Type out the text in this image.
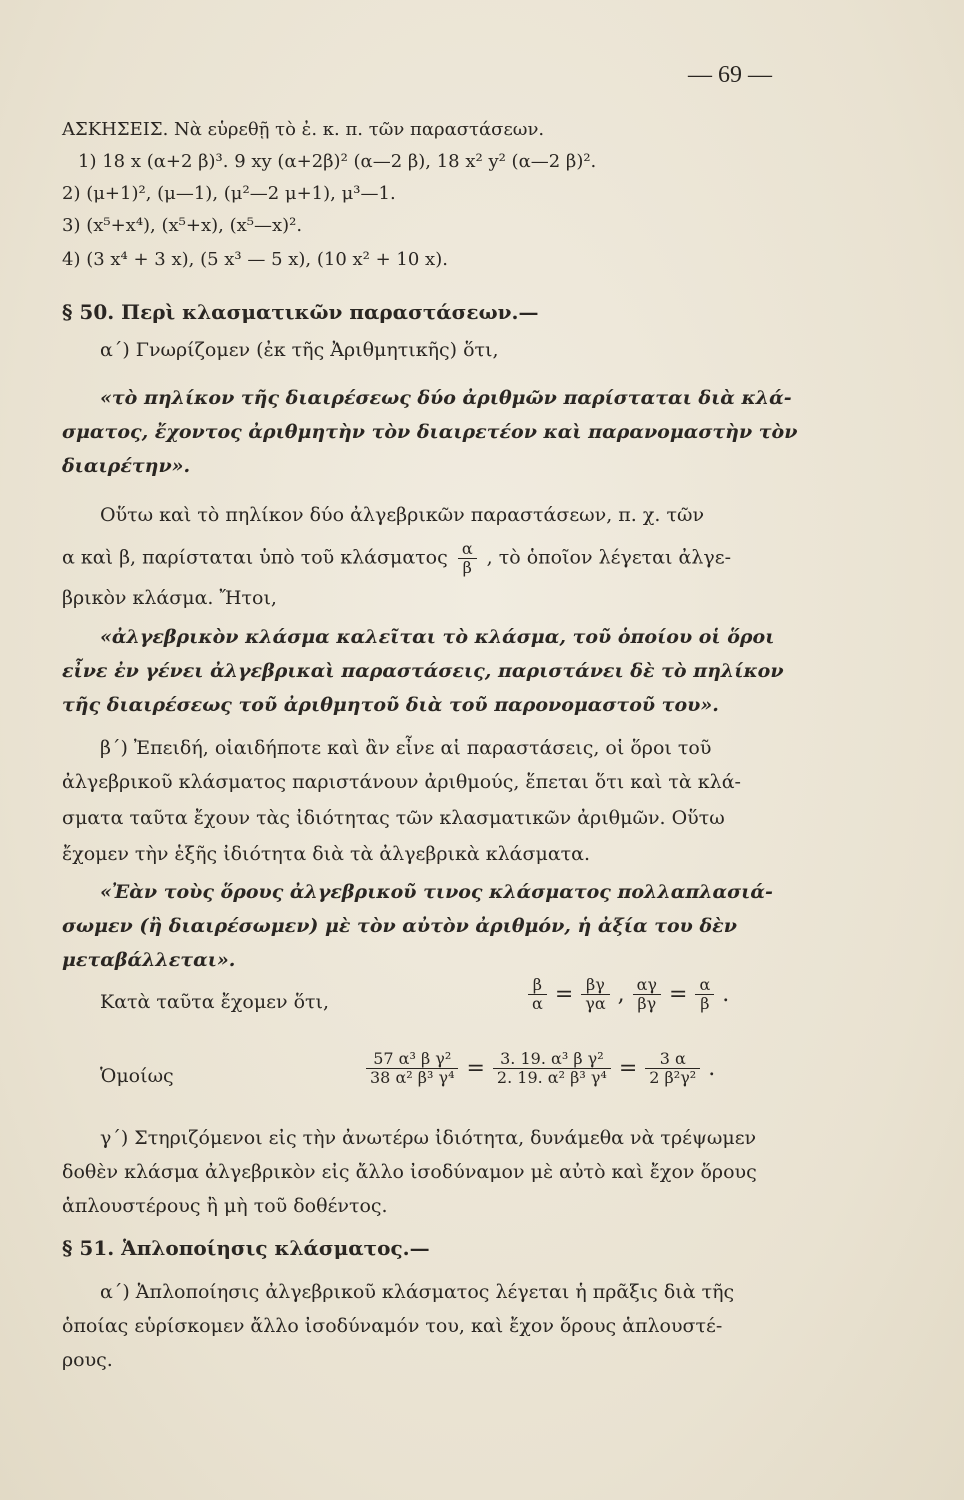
— 69 —
ΑΣΚΗΣΕΙΣ. Νὰ εὑρεθῇ τὸ ἐ. κ. π. τῶν παραστάσεων.
1) 18 x (α+2 β)³. 9 xy (α+2β)² (α—2 β), 18 x² y² (α—2 β)².
2) (μ+1)², (μ—1), (μ²—2 μ+1), μ³—1.
3) (x⁵+x⁴), (x⁵+x), (x⁵—x)².
4) (3 x⁴ + 3 x), (5 x³ — 5 x), (10 x² + 10 x).
§ 50. Περὶ κλασματικῶν παραστάσεων.—
α΄) Γνωρίζομεν (ἐκ τῆς Ἀριθμητικῆς) ὅτι,
«τὸ πηλίκον τῆς διαιρέσεως δύο ἀριθμῶν παρίσταται διὰ κλά-
σματος, ἔχοντος ἀριθμητὴν τὸν διαιρετέον καὶ παρανομαστὴν τὸν
διαιρέτην».
Οὕτω καὶ τὸ πηλίκον δύο ἀλγεβρικῶν παραστάσεων, π. χ. τῶν
α καὶ β, παρίσταται ὑπὸ τοῦ κλάσματος $\frac{\alpha}{\beta}$ , τὸ ὁποῖον λέγεται ἀλγε-
βρικὸν κλάσμα. Ἤτοι,
«ἀλγεβρικὸν κλάσμα καλεῖται τὸ κλάσμα, τοῦ ὁποίου οἱ ὅροι
εἶνε ἐν γένει ἀλγεβρικαὶ παραστάσεις, παριστάνει δὲ τὸ πηλίκον
τῆς διαιρέσεως τοῦ ἀριθμητοῦ διὰ τοῦ παρονομαστοῦ του».
β΄) Ἐπειδή, οἱαιδήποτε καὶ ἂν εἶνε αἱ παραστάσεις, οἱ ὅροι τοῦ
ἀλγεβρικοῦ κλάσματος παριστάνουν ἀριθμούς, ἕπεται ὅτι καὶ τὰ κλά-
σματα ταῦτα ἔχουν τὰς ἰδιότητας τῶν κλασματικῶν ἀριθμῶν. Οὕτω
ἔχομεν τὴν ἑξῆς ἰδιότητα διὰ τὰ ἀλγεβρικὰ κλάσματα.
«Ἐὰν τοὺς ὅρους ἀλγεβρικοῦ τινος κλάσματος πολλαπλασιά-
σωμεν (ἢ διαιρέσωμεν) μὲ τὸν αὐτὸν ἀριθμόν, ἡ ἀξία του δὲν
μεταβάλλεται».
Κατὰ ταῦτα ἔχομεν ὅτι,	$\frac{\beta}{\alpha} = \frac{\beta\gamma}{\gamma\alpha}$ , $\frac{\alpha\gamma}{\beta\gamma} = \frac{\alpha}{\beta}$ .
Ὁμοίως	$\frac{\text{57 α³ β γ²}}{\text{38 α² β³ γ⁴}} = \frac{\text{3. 19. α³ β γ²}}{\text{2. 19. α² β³ γ⁴}} = \frac{3 \alpha}{\text{2 β²γ²}}$ .
γ΄) Στηριζόμενοι εἰς τὴν ἀνωτέρω ἰδιότητα, δυνάμεθα νὰ τρέψωμεν
δοθὲν κλάσμα ἀλγεβρικὸν εἰς ἄλλο ἰσοδύναμον μὲ αὐτὸ καὶ ἔχον ὅρους
ἁπλουστέρους ἢ μὴ τοῦ δοθέντος.
§ 51. Ἁπλοποίησις κλάσματος.—
α΄) Ἁπλοποίησις ἀλγεβρικοῦ κλάσματος λέγεται ἡ πρᾶξις διὰ τῆς
ὁποίας εὑρίσκομεν ἄλλο ἰσοδύναμόν του, καὶ ἔχον ὅρους ἁπλουστέ-
ρους.
